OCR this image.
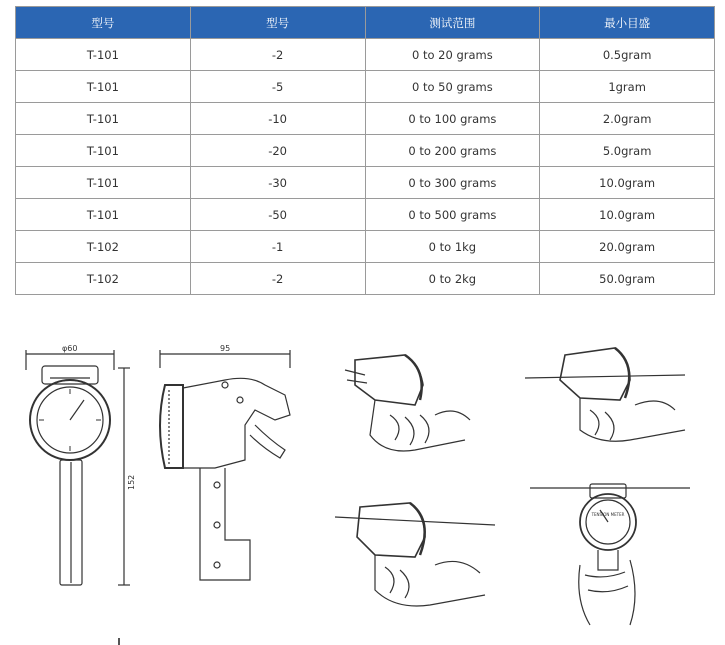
型号	型号	测试范围	最小目盛
T-101	-2	0 to 20 grams	0.5gram
T-101	-5	0 to 50 grams	1gram
T-101	-10	0 to 100 grams	2.0gram
T-101	-20	0 to 200 grams	5.0gram
T-101	-30	0 to 300 grams	10.0gram
T-101	-50	0 to 500 grams	10.0gram
T-102	-1	0 to 1kg	20.0gram
T-102	-2	0 to 2kg	50.0gram
φ60
152
95
TENSION METER
